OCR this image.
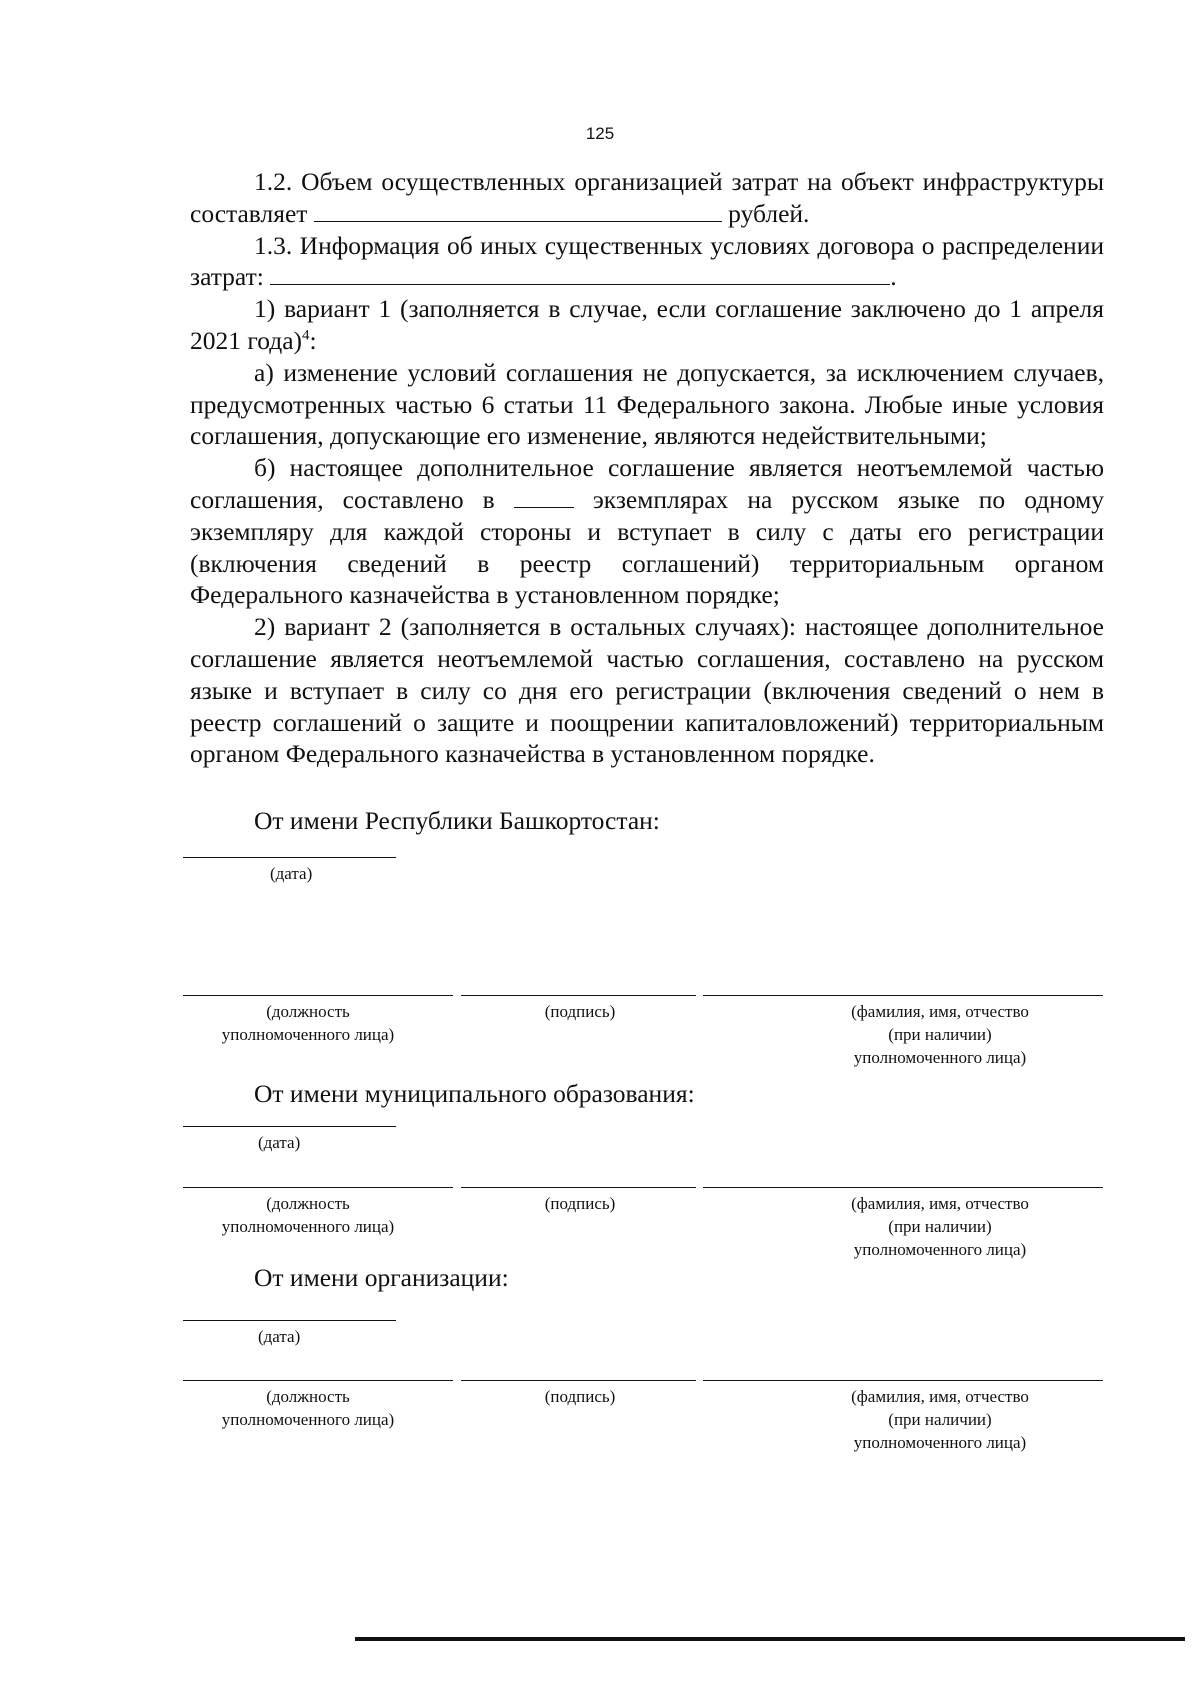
125

1.2. Объем осуществленных организацией затрат на объект инфраструктуры составляет	рублей.

1.3. Информация об иных существенных условиях договора о распределении затрат:	.

1) вариант 1 (заполняется в случае, если соглашение заключено до 1 апреля 2021 года)$^4$:

а) изменение условий соглашения не допускается, за исключением случаев, предусмотренных частью 6 статьи 11 Федерального закона. Любые иные условия соглашения, допускающие его изменение, являются недействительными;

б) настоящее дополнительное соглашение является неотъемлемой частью соглашения, составлено в	экземплярах на русском языке по одному экземпляру для каждой стороны и вступает в силу с даты его регистрации (включения сведений в реестр соглашений) территориальным органом Федерального казначейства в установленном порядке;

2) вариант 2 (заполняется в остальных случаях): настоящее дополнительное соглашение является неотъемлемой частью соглашения, составлено на русском языке и вступает в силу со дня его регистрации (включения сведений о нем в реестр соглашений о защите и поощрении капиталовложений) территориальным органом Федерального казначейства в установленном порядке.

От имени Республики Башкортостан:
(дата)
(должность
уполномоченного лица)
(подпись)	(фамилия, имя, отчество
(при наличии)
уполномоченного лица)
От имени муниципального образования:
(дата)
(должность
уполномоченного лица)
(подпись)	(фамилия, имя, отчество
(при наличии)
уполномоченного лица)
От имени организации:
(дата)
(должность
уполномоченного лица)
(подпись)	(фамилия, имя, отчество
(при наличии)
уполномоченного лица)
